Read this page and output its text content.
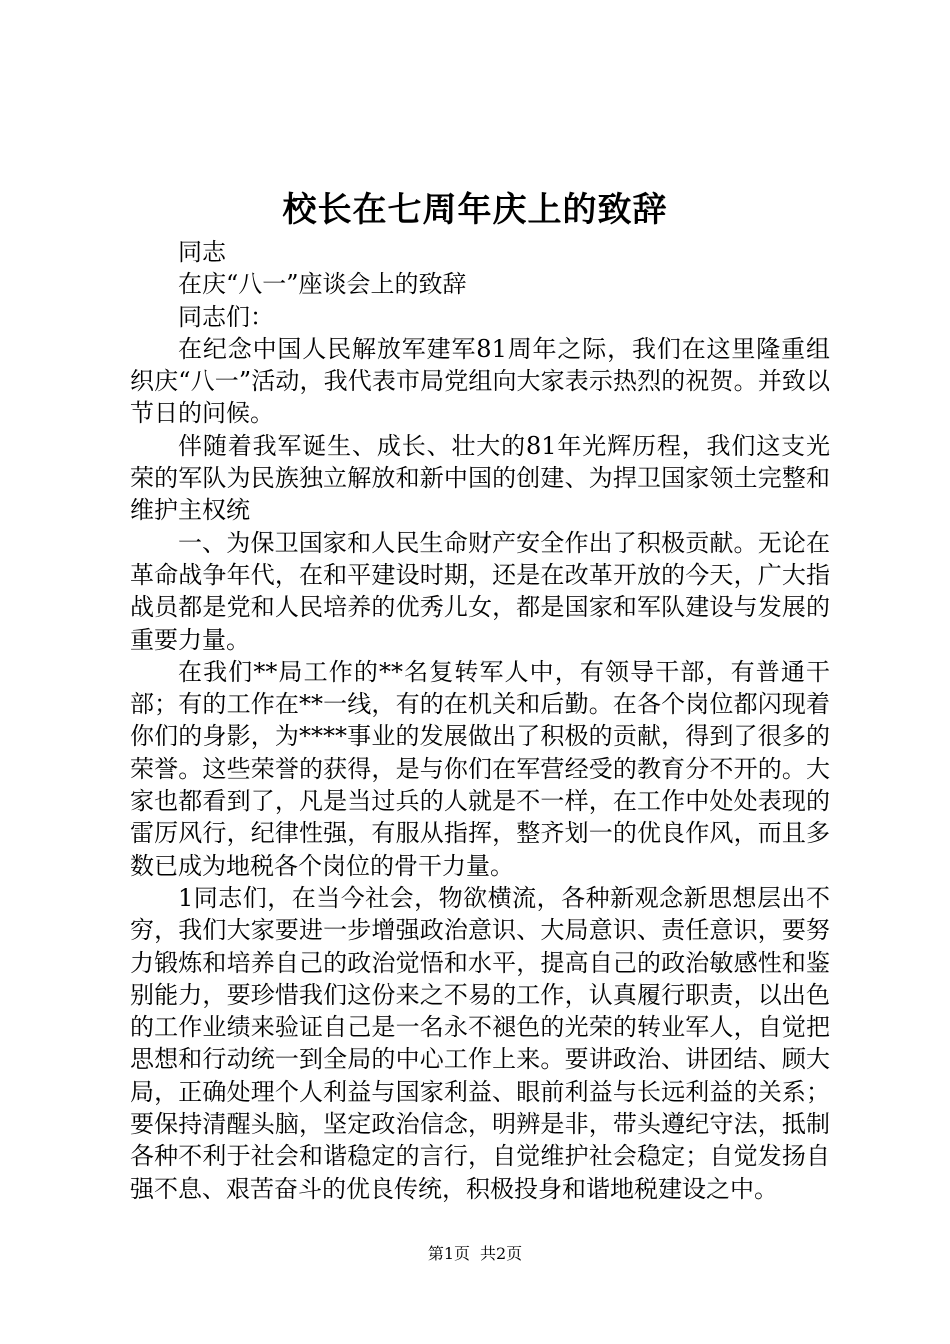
校长在七周年庆上的致辞

同志

在庆“八一”座谈会上的致辞

同志们：

在纪念中国人民解放军建军81周年之际，我们在这里隆重组织庆“八一”活动，我代表市局党组向大家表示热烈的祝贺。并致以节日的问候。

伴随着我军诞生、成长、壮大的81年光辉历程，我们这支光荣的军队为民族独立解放和新中国的创建、为捍卫国家领土完整和维护主权统

一、为保卫国家和人民生命财产安全作出了积极贡献。无论在革命战争年代，在和平建设时期，还是在改革开放的今天，广大指战员都是党和人民培养的优秀儿女，都是国家和军队建设与发展的重要力量。

在我们**局工作的**名复转军人中，有领导干部，有普通干部；有的工作在**一线，有的在机关和后勤。在各个岗位都闪现着你们的身影，为****事业的发展做出了积极的贡献，得到了很多的荣誉。这些荣誉的获得，是与你们在军营经受的教育分不开的。大家也都看到了，凡是当过兵的人就是不一样，在工作中处处表现的雷厉风行，纪律性强，有服从指挥，整齐划一的优良作风，而且多数已成为地税各个岗位的骨干力量。

1同志们，在当今社会，物欲横流，各种新观念新思想层出不穷，我们大家要进一步增强政治意识、大局意识、责任意识，要努力锻炼和培养自己的政治觉悟和水平，提高自己的政治敏感性和鉴别能力，要珍惜我们这份来之不易的工作，认真履行职责，以出色的工作业绩来验证自己是一名永不褪色的光荣的转业军人，自觉把思想和行动统一到全局的中心工作上来。要讲政治、讲团结、顾大局，正确处理个人利益与国家利益、眼前利益与长远利益的关系；要保持清醒头脑，坚定政治信念，明辨是非，带头遵纪守法，抵制各种不利于社会和谐稳定的言行，自觉维护社会稳定；自觉发扬自强不息、艰苦奋斗的优良传统，积极投身和谐地税建设之中。

第1页 共2页
